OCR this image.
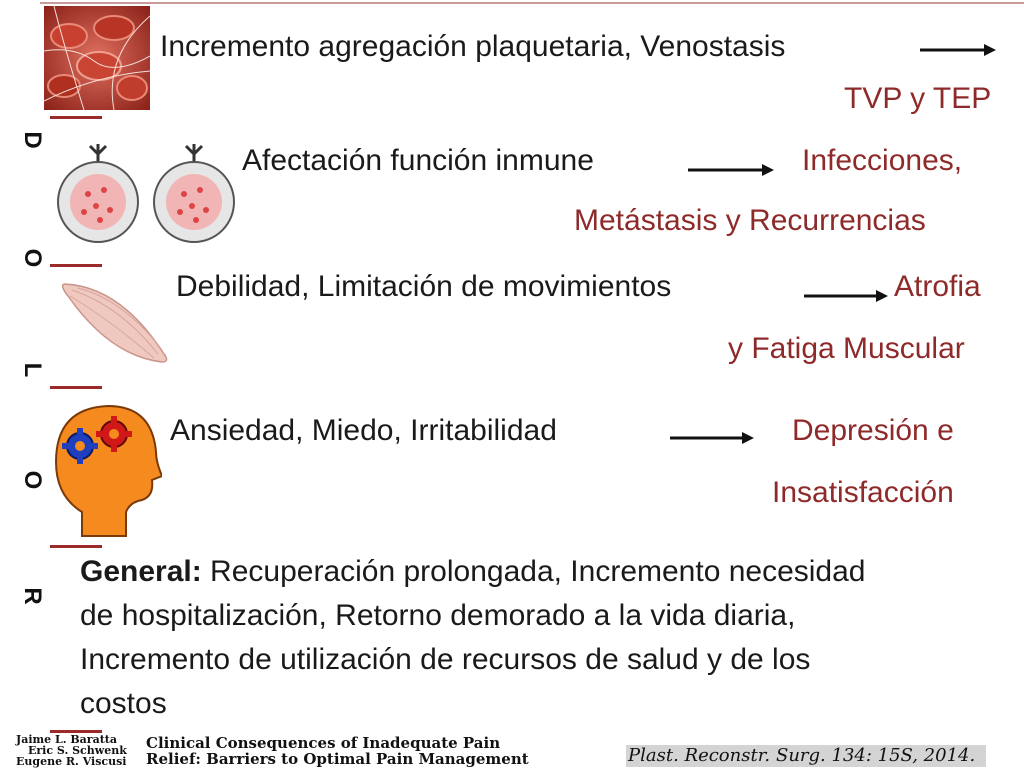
D
O
L
O
R
Incremento agregación plaquetaria, Venostasis
TVP y TEP
Afectación función inmune	Infecciones,
Metástasis y Recurrencias
Debilidad, Limitación de movimientos	Atrofia
y Fatiga Muscular
Ansiedad, Miedo, Irritabilidad	Depresión e
Insatisfacción
General: Recuperación prolongada, Incremento necesidad de hospitalización, Retorno demorado a la vida diaria, Incremento de utilización de recursos de salud y de los costos
Jaime L. Baratta
Eric S. Schwenk
Eugene R. Viscusi
Clinical Consequences of Inadequate Pain
Relief: Barriers to Optimal Pain Management	Plast. Reconstr. Surg. 134: 15S, 2014.
